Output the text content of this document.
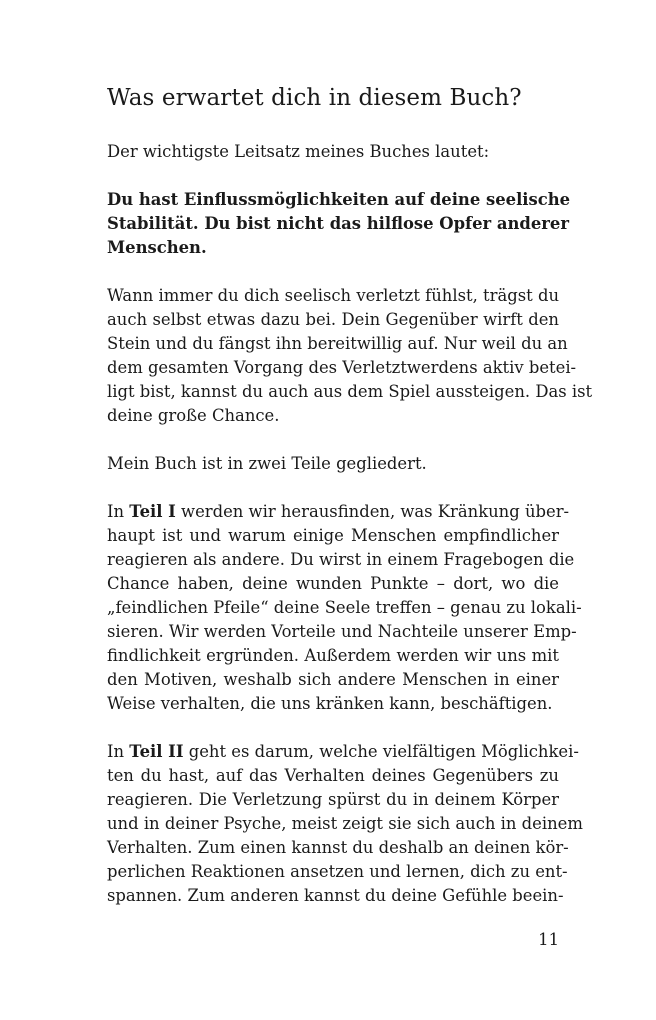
Was erwartet dich in diesem Buch?
Der wichtigste Leitsatz meines Buches lautet:
Du hast Einflussmöglichkeiten auf deine seelische
Stabilität. Du bist nicht das hilflose Opfer anderer
Menschen.
Wann immer du dich seelisch verletzt fühlst, trägst du
auch selbst etwas dazu bei. Dein Gegenüber wirft den
Stein und du fängst ihn bereitwillig auf. Nur weil du an
dem gesamten Vorgang des Verletztwerdens aktiv betei-
ligt bist, kannst du auch aus dem Spiel aussteigen. Das ist
deine große Chance.
Mein Buch ist in zwei Teile gegliedert.
In Teil I werden wir herausfinden, was Kränkung über-
haupt ist und warum einige Menschen empfindlicher
reagieren als andere. Du wirst in einem Fragebogen die
Chance haben, deine wunden Punkte – dort, wo die
„feindlichen Pfeile“ deine Seele treffen – genau zu lokali-
sieren. Wir werden Vorteile und Nachteile unserer Emp-
findlichkeit ergründen. Außerdem werden wir uns mit
den Motiven, weshalb sich andere Menschen in einer
Weise verhalten, die uns kränken kann, beschäftigen.
In Teil II geht es darum, welche vielfältigen Möglichkei-
ten du hast, auf das Verhalten deines Gegenübers zu
reagieren. Die Verletzung spürst du in deinem Körper
und in deiner Psyche, meist zeigt sie sich auch in deinem
Verhalten. Zum einen kannst du deshalb an deinen kör-
perlichen Reaktionen ansetzen und lernen, dich zu ent-
spannen. Zum anderen kannst du deine Gefühle beein-
11
